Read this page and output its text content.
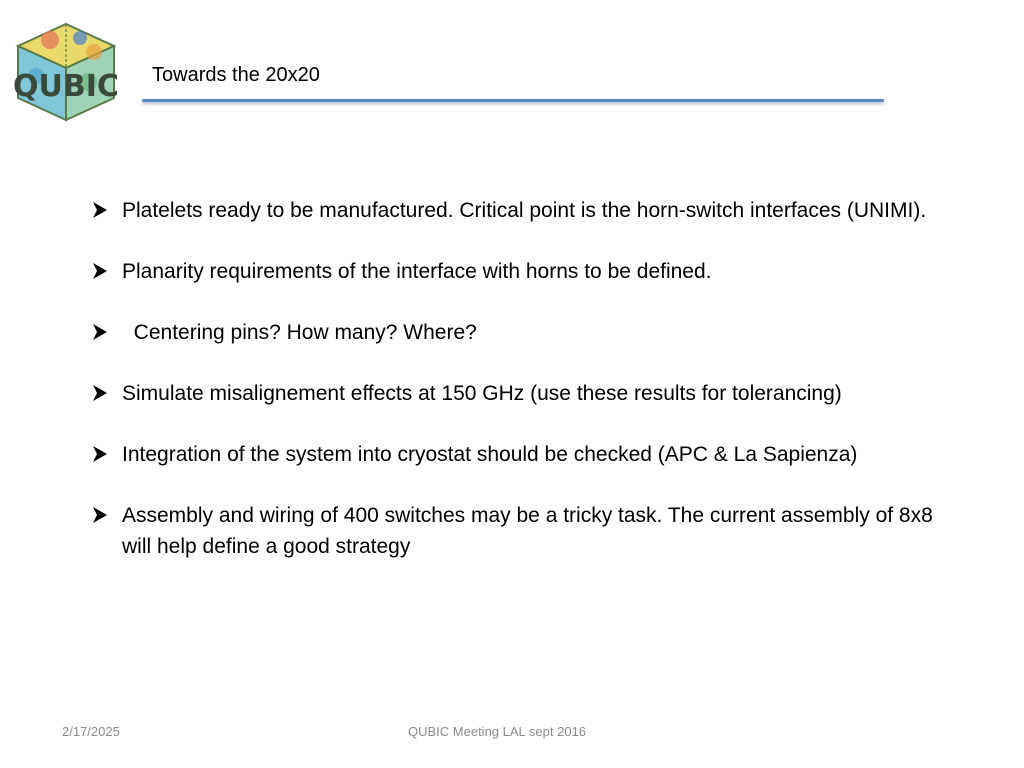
QUBIC Towards the 20x20
Platelets ready to be manufactured. Critical point is the horn-switch interfaces (UNIMI).
Planarity requirements of the interface with horns to be defined.
Centering pins? How many? Where?
Simulate misalignement effects at 150 GHz (use these results for tolerancing)
Integration of the system into cryostat should be checked (APC & La Sapienza)
Assembly and wiring of 400 switches may be a tricky task. The current assembly of 8x8 will help define a good strategy
2/17/2025	QUBIC Meeting LAL sept 2016
